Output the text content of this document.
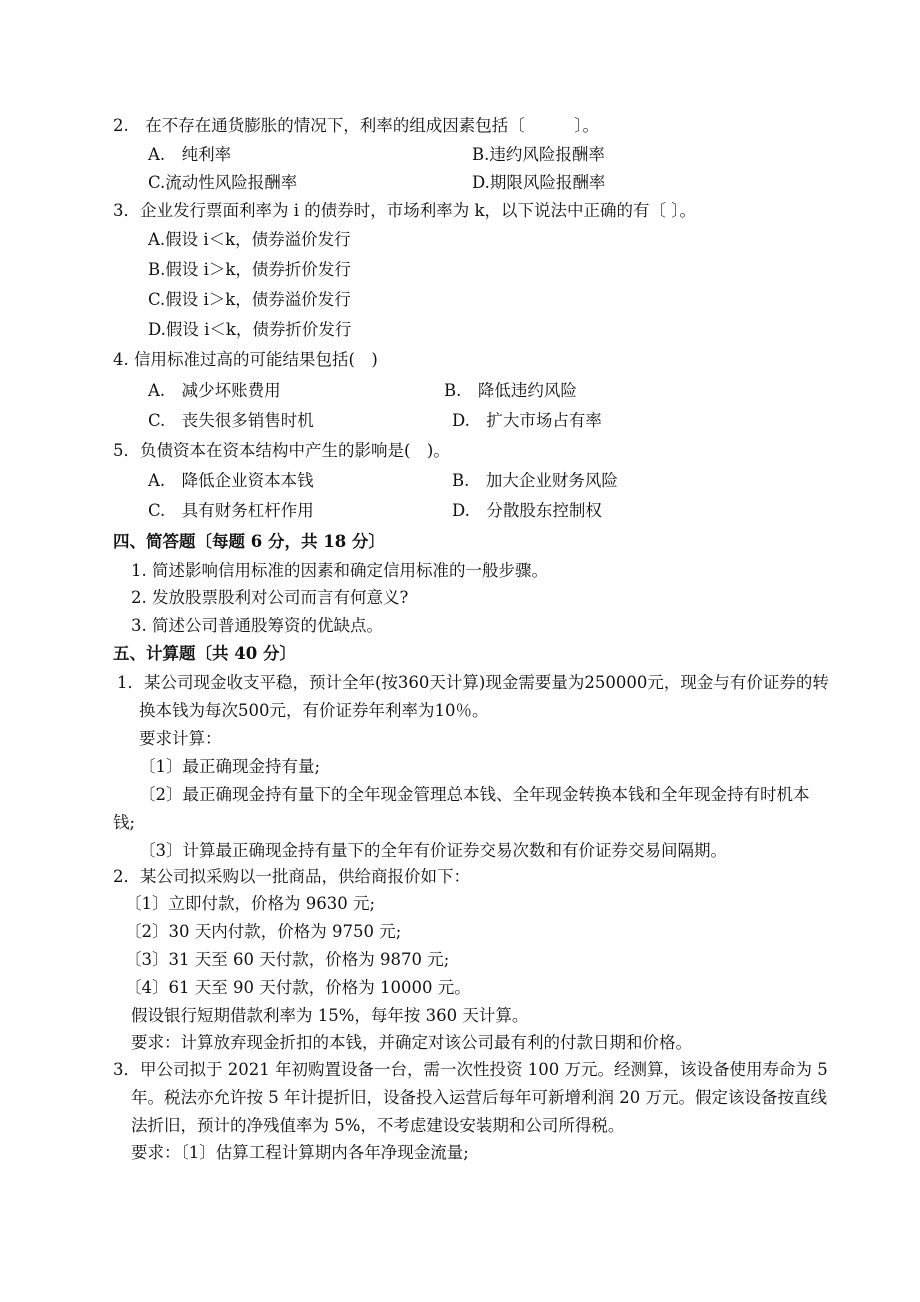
2.　在不存在通货膨胀的情况下，利率的组成因素包括〔　　　〕。
A.　纯利率	B.违约风险报酬率
C.流动性风险报酬率	D.期限风险报酬率
3．企业发行票面利率为 i 的债券时，市场利率为 k，以下说法中正确的有〔 〕。
A.假设 i＜k，债券溢价发行
B.假设 i＞k，债券折价发行
C.假设 i＞k，债券溢价发行
D.假设 i＜k，债券折价发行
4. 信用标准过高的可能结果包括(　)
A.　减少坏账费用	B.　降低违约风险
C.　丧失很多销售时机	D.　扩大市场占有率
5．负债资本在资本结构中产生的影响是(　)。
A.　降低企业资本本钱	B.　加大企业财务风险
C.　具有财务杠杆作用	D.　分散股东控制权
四、简答题〔每题 6 分，共 18 分〕
1. 简述影响信用标准的因素和确定信用标准的一般步骤。
2. 发放股票股利对公司而言有何意义?
3. 简述公司普通股筹资的优缺点。
五、计算题〔共 40 分〕
1．某公司现金收支平稳，预计全年(按360天计算)现金需要量为250000元，现金与有价证券的转
换本钱为每次500元，有价证券年利率为10％。
要求计算：
〔1〕最正确现金持有量;
〔2〕最正确现金持有量下的全年现金管理总本钱、全年现金转换本钱和全年现金持有时机本
钱;
〔3〕计算最正确现金持有量下的全年有价证券交易次数和有价证券交易间隔期。
2．某公司拟采购以一批商品，供给商报价如下：
〔1〕立即付款，价格为 9630 元;
〔2〕30 天内付款，价格为 9750 元;
〔3〕31 天至 60 天付款，价格为 9870 元;
〔4〕61 天至 90 天付款，价格为 10000 元。
假设银行短期借款利率为 15%，每年按 360 天计算。
要求：计算放弃现金折扣的本钱，并确定对该公司最有利的付款日期和价格。
3．甲公司拟于 2021 年初购置设备一台，需一次性投资 100 万元。经测算，该设备使用寿命为 5
年。税法亦允许按 5 年计提折旧，设备投入运营后每年可新增利润 20 万元。假定该设备按直线
法折旧，预计的净残值率为 5%，不考虑建设安装期和公司所得税。
要求：〔1〕估算工程计算期内各年净现金流量;
